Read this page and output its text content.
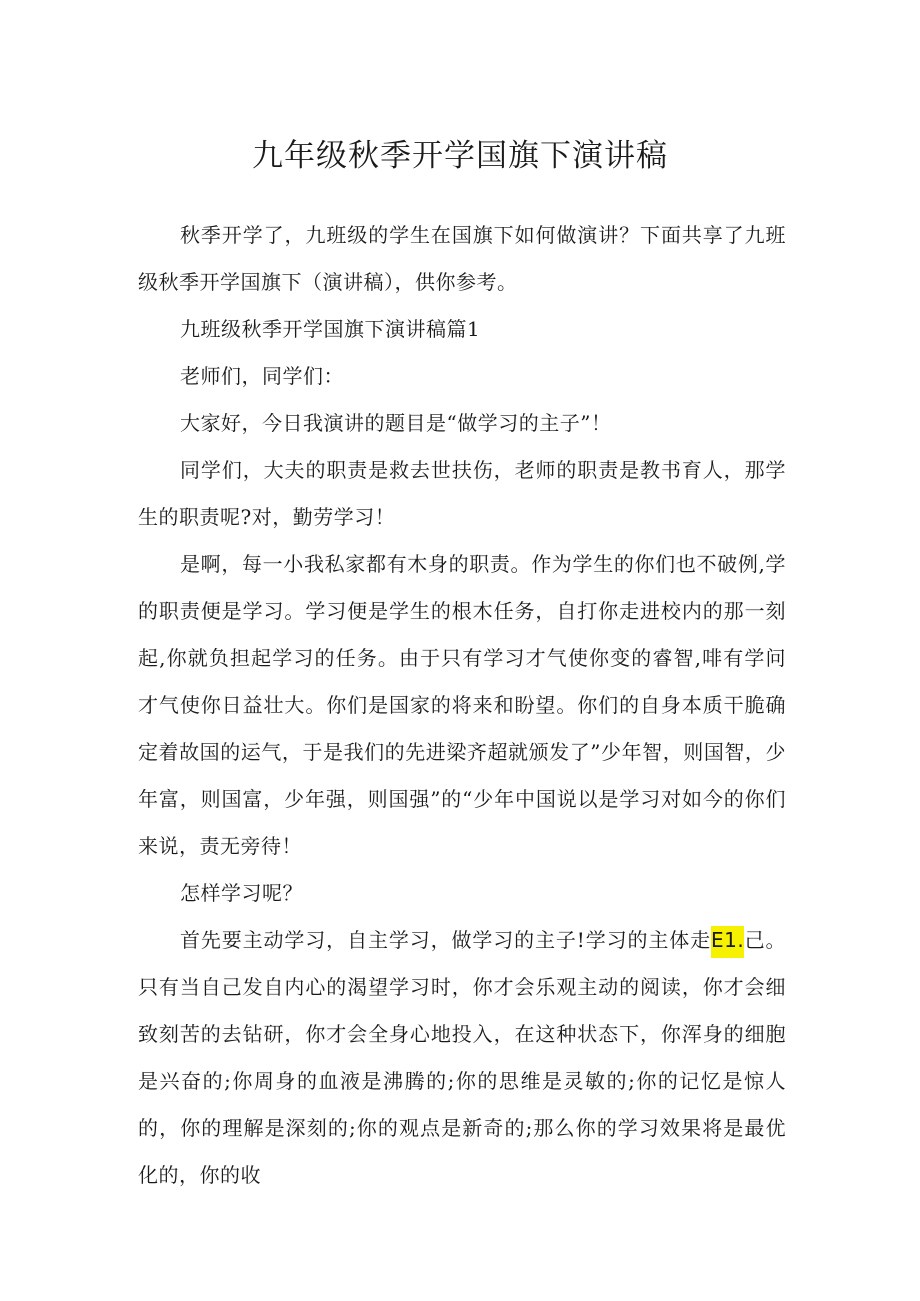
九年级秋季开学国旗下演讲稿

秋季开学了，九班级的学生在国旗下如何做演讲？下面共享了九班级秋季开学国旗下（演讲稿），供你参考。

九班级秋季开学国旗下演讲稿篇1

老师们，同学们：

大家好，今日我演讲的题目是“做学习的主子”！

同学们，大夫的职责是救去世扶伤，老师的职责是教书育人，那学生的职责呢?对，勤劳学习！

是啊，每一小我私家都有木身的职责。作为学生的你们也不破例,学的职责便是学习。学习便是学生的根木任务，自打你走进校内的那一刻起,你就负担起学习的任务。由于只有学习才气使你变的睿智,啡有学问才气使你日益壮大。你们是国家的将来和盼望。你们的自身本质干脆确定着故国的运气，于是我们的先进梁齐超就颁发了”少年智，则国智，少年富，则国富，少年强，则国强”的“少年中国说以是学习对如今的你们来说，责无旁待！

怎样学习呢？

首先要主动学习，自主学习，做学习的主子!学习的主体走E1.己。只有当自己发自内心的渴望学习时，你才会乐观主动的阅读，你才会细致刻苦的去钻研，你才会全身心地投入，在这种状态下，你浑身的细胞是兴奋的;你周身的血液是沸腾的;你的思维是灵敏的;你的记忆是惊人的，你的理解是深刻的;你的观点是新奇的;那么你的学习效果将是最优化的，你的收
